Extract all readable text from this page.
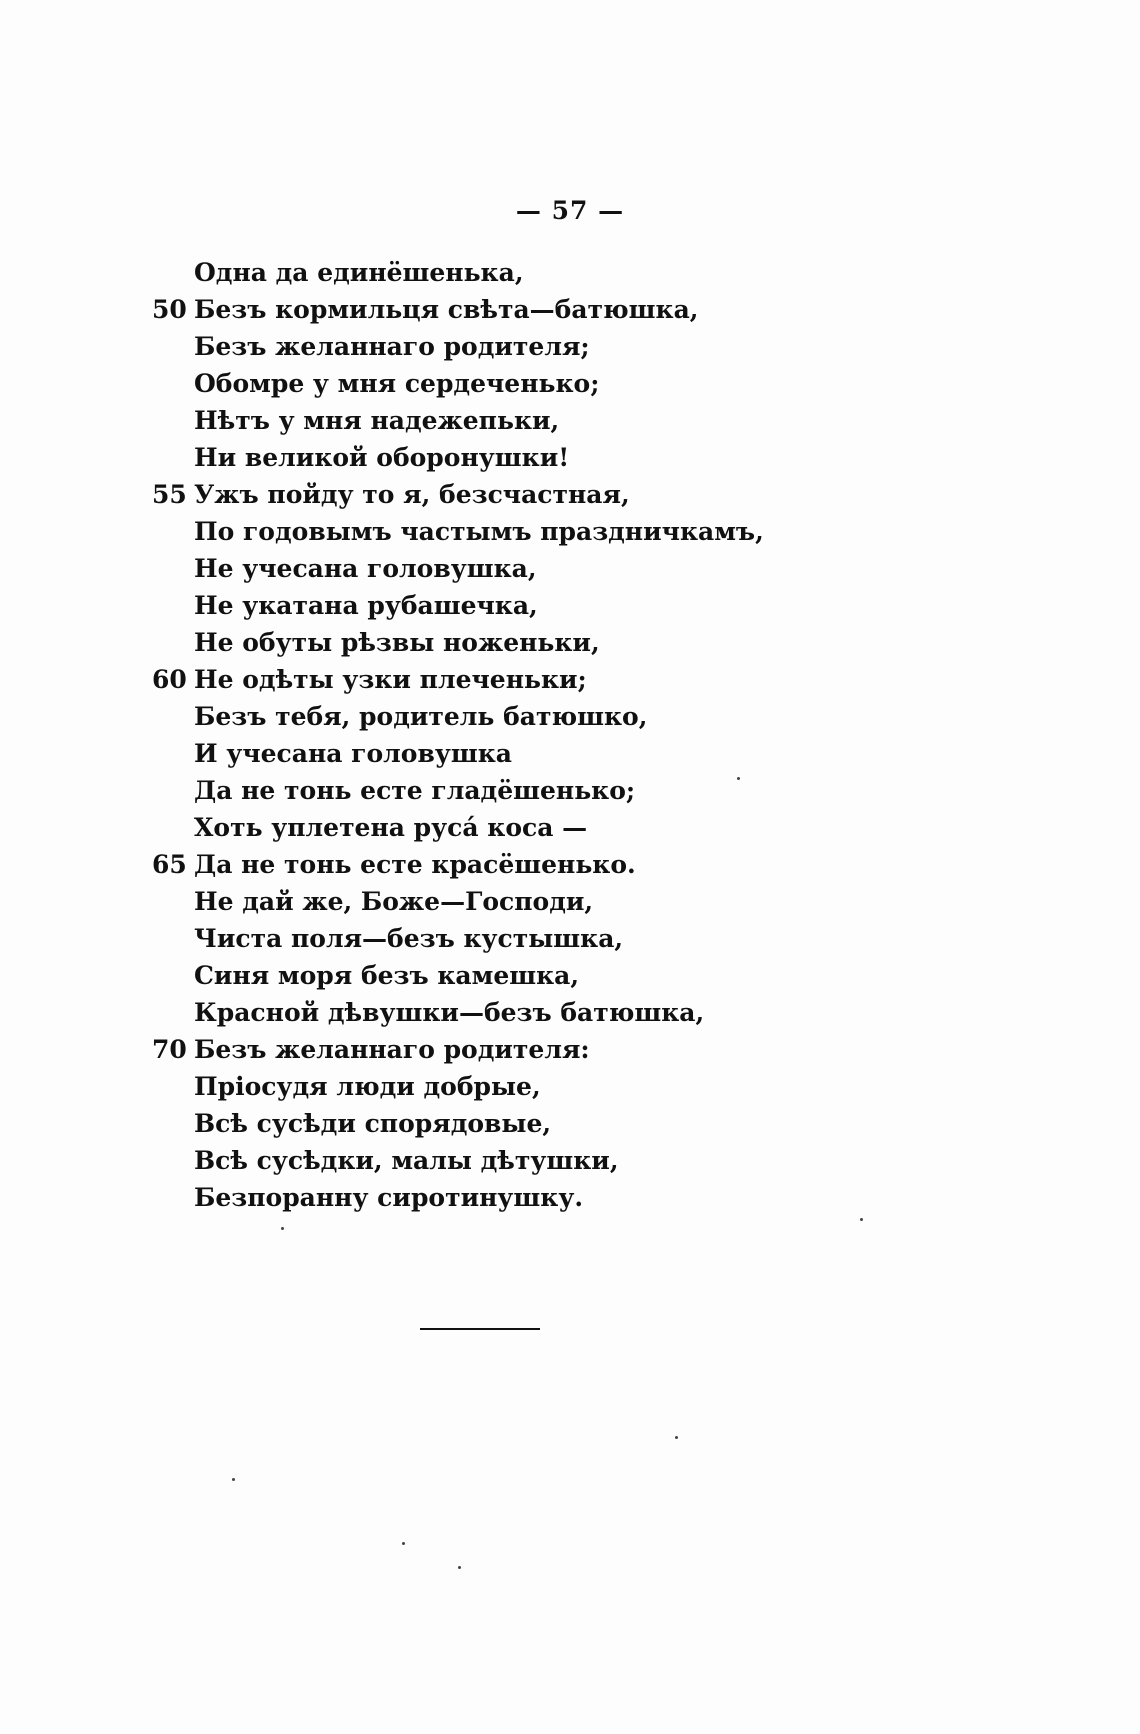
— 57 —
Одна да единёшенька,
50 Безъ кормильця свѣта—батюшка,
Безъ желаннаго родителя;
Обомре у мня сердеченько;
Нѣтъ у мня надежепьки,
Ни великой оборонушки!
55 Ужъ пойду то я, безсчастная,
По годовымъ частымъ праздничкамъ,
Не учесана головушка,
Не укатана рубашечка,
Не обуты рѣзвы ноженьки,
60 Не одѣты узки плеченьки;
Безъ тебя, родитель батюшко,
И учесана головушка
Да не тонь есте гладёшенько;
Хоть уплетена руса́ коса —
65 Да не тонь есте красёшенько.
Не дай же, Боже—Господи,
Чиста поля—безъ кустышка,
Синя моря безъ камешка,
Красной дѣвушки—безъ батюшка,
70 Безъ желаннаго родителя:
Пріосудя люди добрые,
Всѣ сусѣди спорядовые,
Всѣ сусѣдки, малы дѣтушки,
Безпоранну сиротинушку.
